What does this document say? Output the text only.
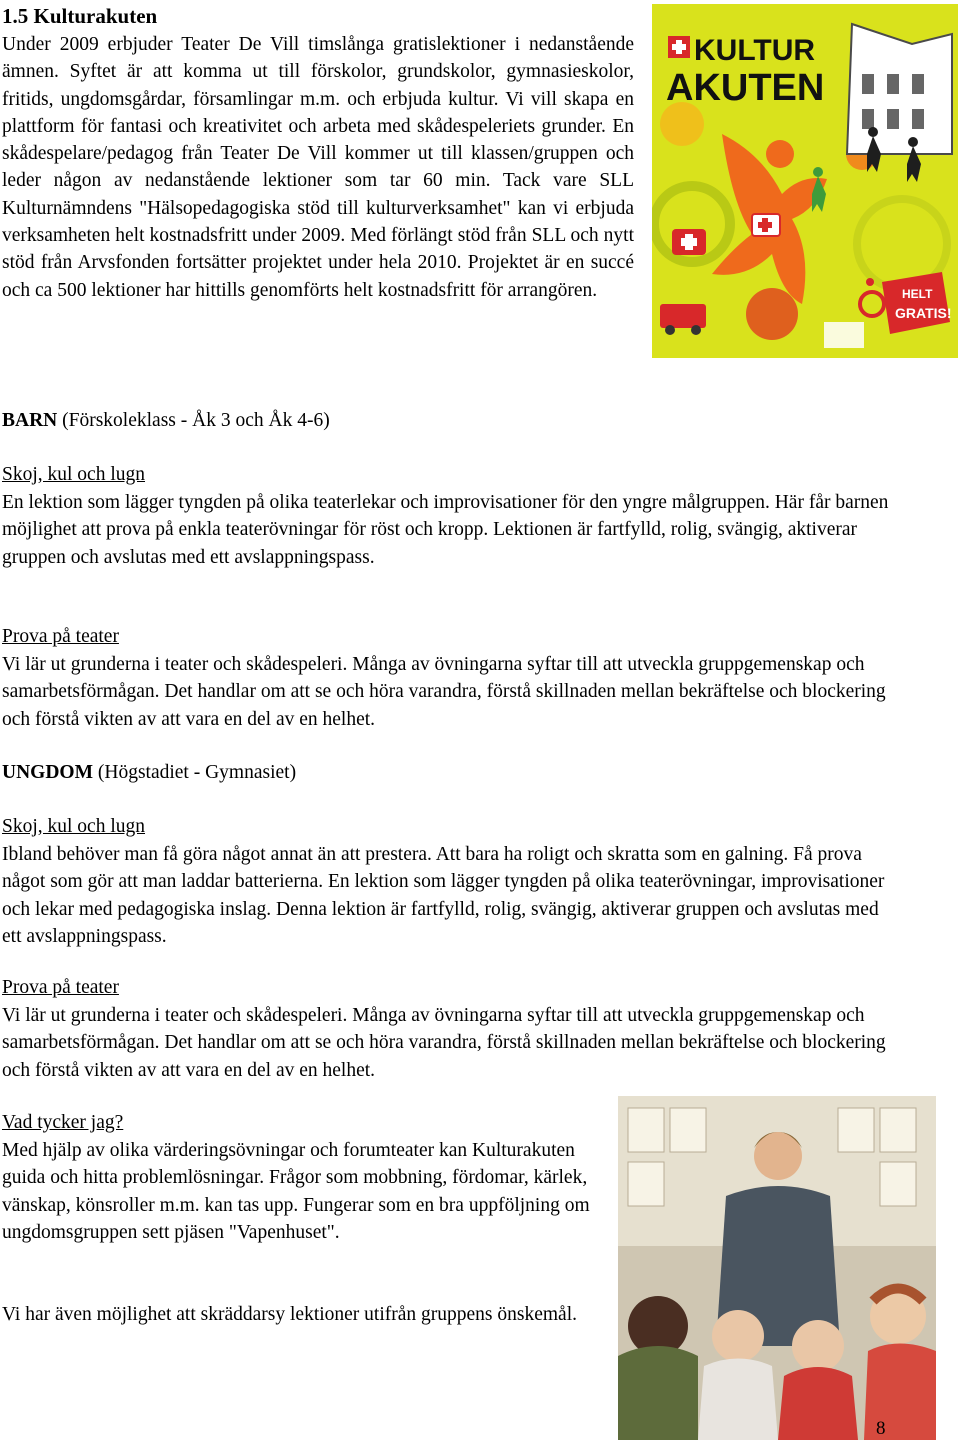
1.5 Kulturakuten
Under 2009 erbjuder Teater De Vill timslånga gratislektioner i nedanstående ämnen. Syftet är att komma ut till förskolor, grundskolor, gymnasieskolor, fritids, ungdomsgårdar, församlingar m.m. och erbjuda kultur. Vi vill skapa en plattform för fantasi och kreativitet och arbeta med skådespeleriets grunder. En skådespelare/pedagog från Teater De Vill kommer ut till klassen/gruppen och leder någon av nedanstående lektioner som tar 60 min. Tack vare SLL Kulturnämndens "Hälsopedagogiska stöd till kulturverksamhet" kan vi erbjuda verksamheten helt kostnadsfritt under 2009. Med förlängt stöd från SLL och nytt stöd från Arvsfonden fortsätter projektet under hela 2010. Projektet är en succé och ca 500 lektioner har hittills genomförts helt kostnadsfritt för arrangören.
KULTUR
AKUTEN
HELT
GRATIS!
BARN (Förskoleklass - Åk 3 och Åk 4-6)
Skoj, kul och lugn
En lektion som lägger tyngden på olika teaterlekar och improvisationer för den yngre målgruppen. Här får barnen möjlighet att prova på enkla teaterövningar för röst och kropp. Lektionen är fartfylld, rolig, svängig, aktiverar gruppen och avslutas med ett avslappningspass.
Prova på teater
Vi lär ut grunderna i teater och skådespeleri. Många av övningarna syftar till att utveckla gruppgemenskap och samarbetsförmågan. Det handlar om att se och höra varandra, förstå skillnaden mellan bekräftelse och blockering och förstå vikten av att vara en del av en helhet.
UNGDOM (Högstadiet - Gymnasiet)
Skoj, kul och lugn
Ibland behöver man få göra något annat än att prestera. Att bara ha roligt och skratta som en galning. Få prova något som gör att man laddar batterierna. En lektion som lägger tyngden på olika teaterövningar, improvisationer och lekar med pedagogiska inslag. Denna lektion är fartfylld, rolig, svängig, aktiverar gruppen och avslutas med ett avslappningspass.
Prova på teater
Vi lär ut grunderna i teater och skådespeleri. Många av övningarna syftar till att utveckla gruppgemenskap och samarbetsförmågan. Det handlar om att se och höra varandra, förstå skillnaden mellan bekräftelse och blockering och förstå vikten av att vara en del av en helhet.
Vad tycker jag?
Med hjälp av olika värderingsövningar och forumteater kan Kulturakuten guida och hitta problemlösningar. Frågor som mobbning, fördomar, kärlek, vänskap, könsroller m.m. kan tas upp. Fungerar som en bra uppföljning om ungdomsgruppen sett pjäsen "Vapenhuset".
Vi har även möjlighet att skräddarsy lektioner utifrån gruppens önskemål.
8
